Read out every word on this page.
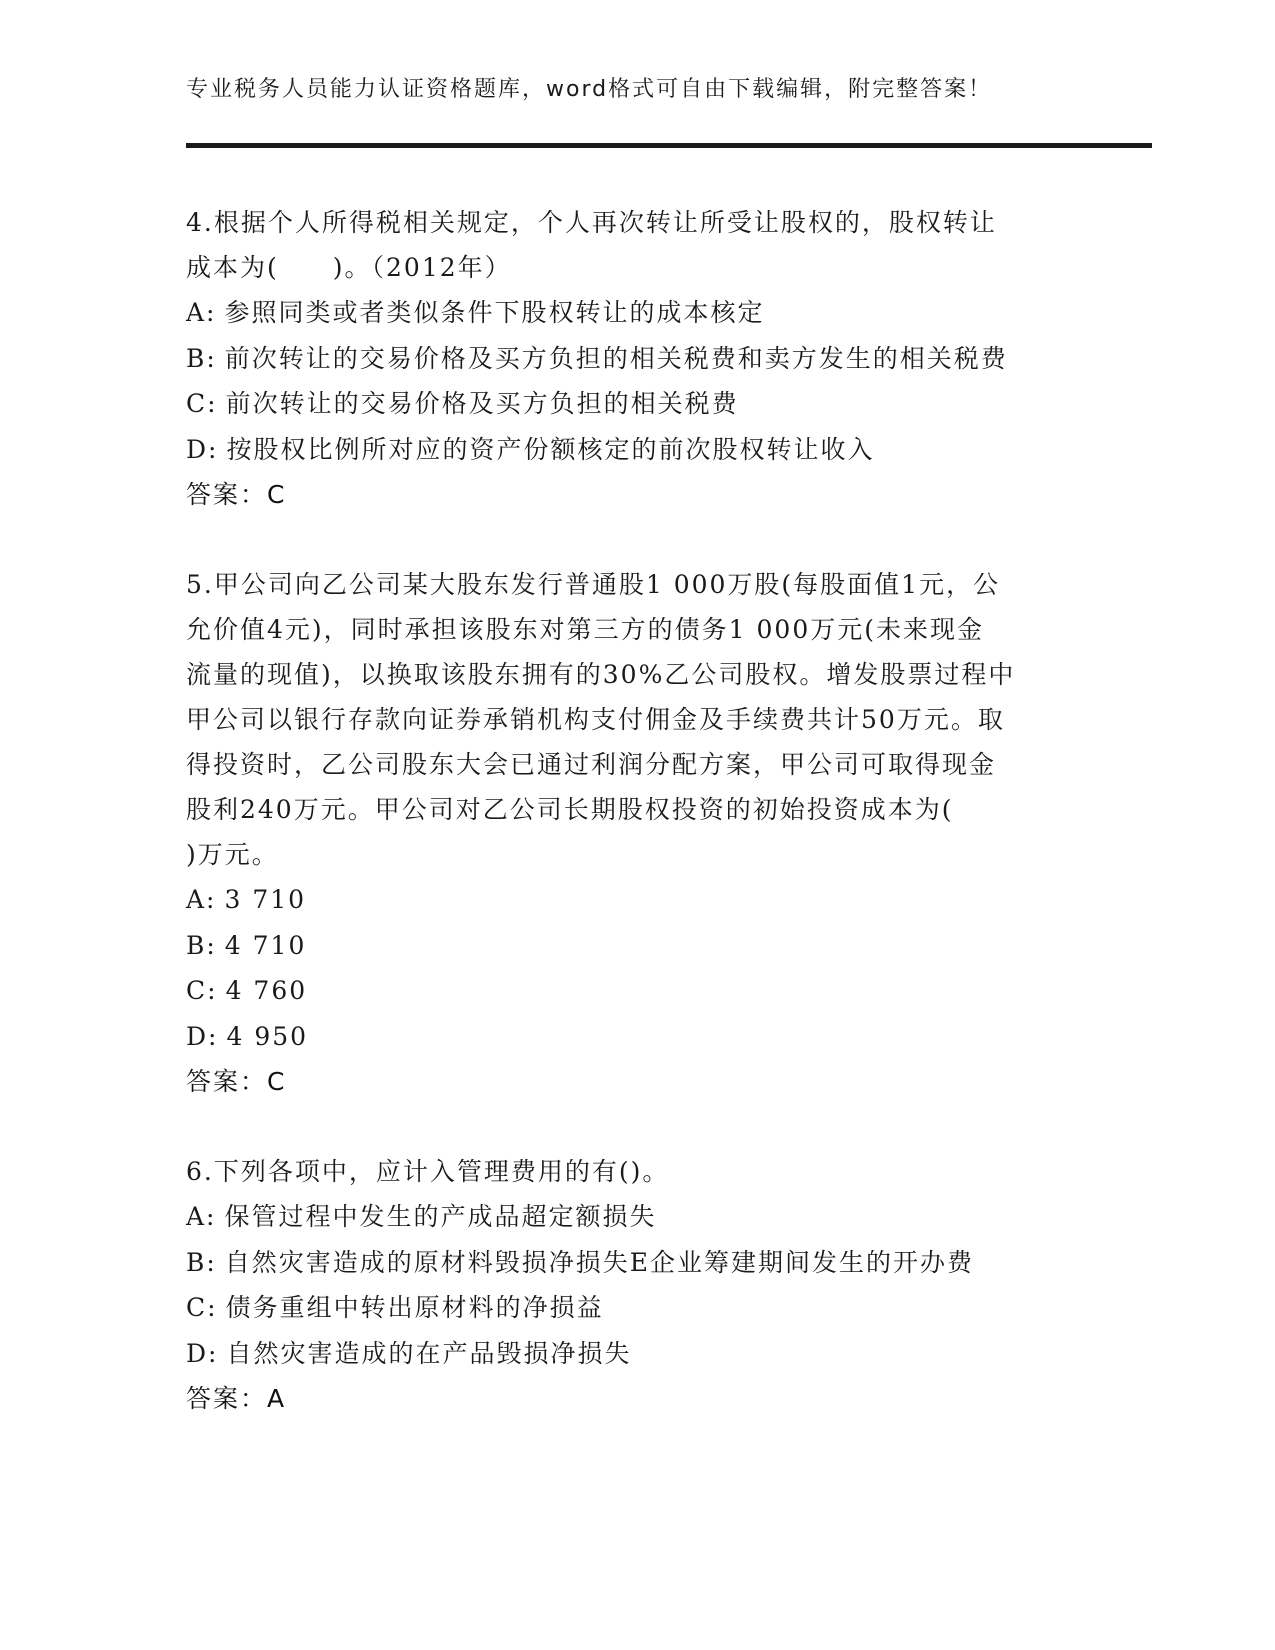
专业税务人员能力认证资格题库，word格式可自由下载编辑，附完整答案！

4.根据个人所得税相关规定，个人再次转让所受让股权的，股权转让
成本为(　　)。（2012年）

A: 参照同类或者类似条件下股权转让的成本核定
B: 前次转让的交易价格及买方负担的相关税费和卖方发生的相关税费
C: 前次转让的交易价格及买方负担的相关税费
D: 按股权比例所对应的资产份额核定的前次股权转让收入
答案：C

5.甲公司向乙公司某大股东发行普通股1 000万股(每股面值1元，公
允价值4元)，同时承担该股东对第三方的债务1 000万元(未来现金
流量的现值)，以换取该股东拥有的30%乙公司股权。增发股票过程中
甲公司以银行存款向证券承销机构支付佣金及手续费共计50万元。取
得投资时，乙公司股东大会已通过利润分配方案，甲公司可取得现金
股利240万元。甲公司对乙公司长期股权投资的初始投资成本为(
)万元。

A: 3 710
B: 4 710
C: 4 760
D: 4 950
答案：C

6.下列各项中，应计入管理费用的有()。

A: 保管过程中发生的产成品超定额损失
B: 自然灾害造成的原材料毁损净损失E企业筹建期间发生的开办费
C: 债务重组中转出原材料的净损益
D: 自然灾害造成的在产品毁损净损失
答案：A
